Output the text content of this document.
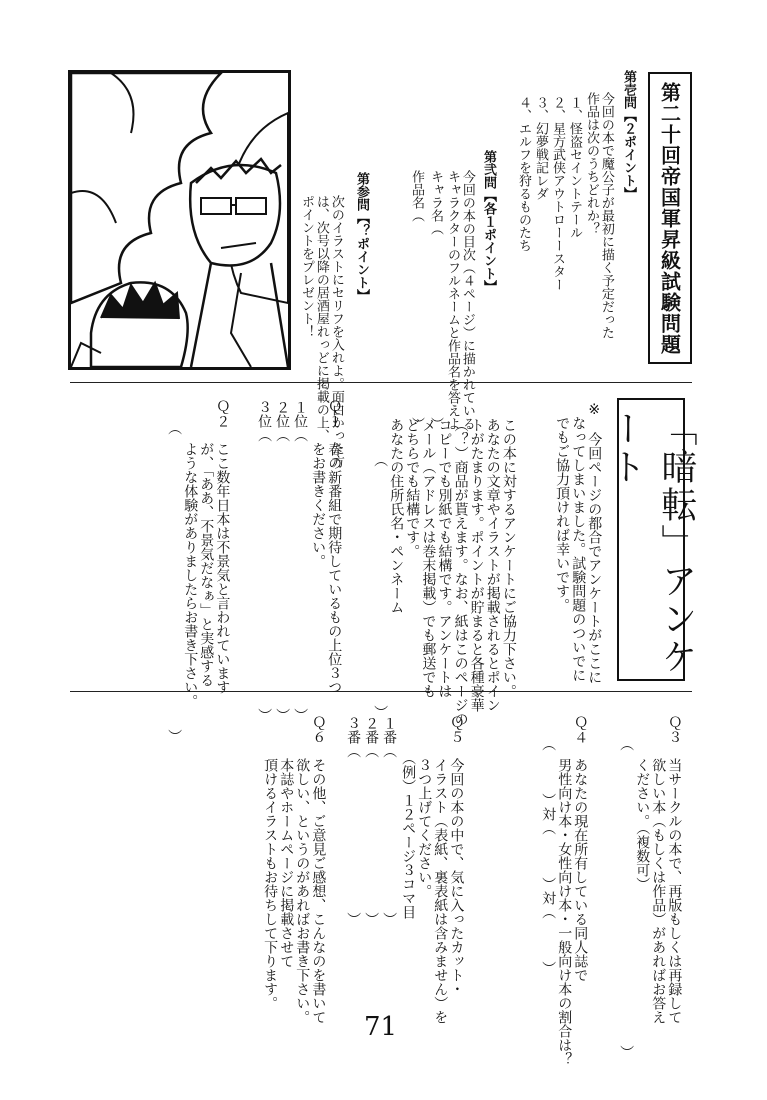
第二十回帝国軍昇級試験問題
第壱問【２ポイント】
今回の本で魔公子が最初に描く予定だった
作品は次のうちどれか？
１、怪盗セイントテール
２、星方武侠アウトローースター
３、幻夢戦記レダ
４、エルフを狩るものたち
第弐問【各１ポイント】
今回の本の目次（４ページ）に描かれている
キャラクターのフルネームと作品名を答えよ
キャラ名（　　　　　　　　　　　　　　）
作品名（　　　　　　　　　　　　　　　）
第参問【？ポイント】
次のイラストにセリフを入れよ。面白かった方
は、次号以降の居酒屋れっどに掲載の上、
ポイントをプレゼント！
「暗転」アンケート
※　今回ページの都合でアンケートがここに
　なってしまいました。試験問題のついでに
　でもご協力頂ければ幸いです。
この本に対するアンケートにご協力下さい。
あなたの文章やイラストが掲載されるとポイン
トがたまります。ポイントが貯まると各種豪華
（？）商品が貰えます。なお、紙はこのページの
コピーでも別紙でも結構です。アンケートは
メール（アドレスは巻末掲載）でも郵送でも
どちらでも結構です。
あなたの住所氏名・ペンネーム
　　　（　　　　　　　　　　　　　　　　　）
Ｑ１　春の新番組で期待しているもの上位３つ
　　　をお書きください。
１位（　　　　　　　　　　　　　　　　　　　）
２位（　　　　　　　　　　　　　　　　　　　）
３位（　　　　　　　　　　　　　　　　　　　）
Ｑ２　ここ数年日本は不景気と言われています
　　　が、「ああ、不景気だなぁ」と実感する
　　　ような体験がありましたらお書き下さい。
　　（　　　　　　　　　　　　　　　　　　　　　）	Ｑ３　当サークルの本で、再版もしくは再録して
　　　欲しい本（もしくは作品）があればお答え
　　　ください。（複数可）
　　（　　　　　　　　　　　　　　　　　　　　　）
Ｑ４　あなたの現在所有している同人誌で
　　　男性向け本・女性向け本・一般向け本の割合は？
　　（　　　）対（　　　）対（　　　）
Ｑ５　今回の本の中で、気に入ったカット・
　　　イラスト（表紙、裏表紙は含みません）を
　　　３つ上げてください。
　　　（例）１２ページ３コマ目
１番（　　　　　　　　　　　）
２番（　　　　　　　　　　　）
３番（　　　　　　　　　　　）
Ｑ６　その他、ご意見ご感想、こんなのを書いて
　　　欲しい、というのがあればお書き下さい。
　　　本誌やホームページに掲載させて
　　　頂けるイラストもお待ちして下ります。
71
